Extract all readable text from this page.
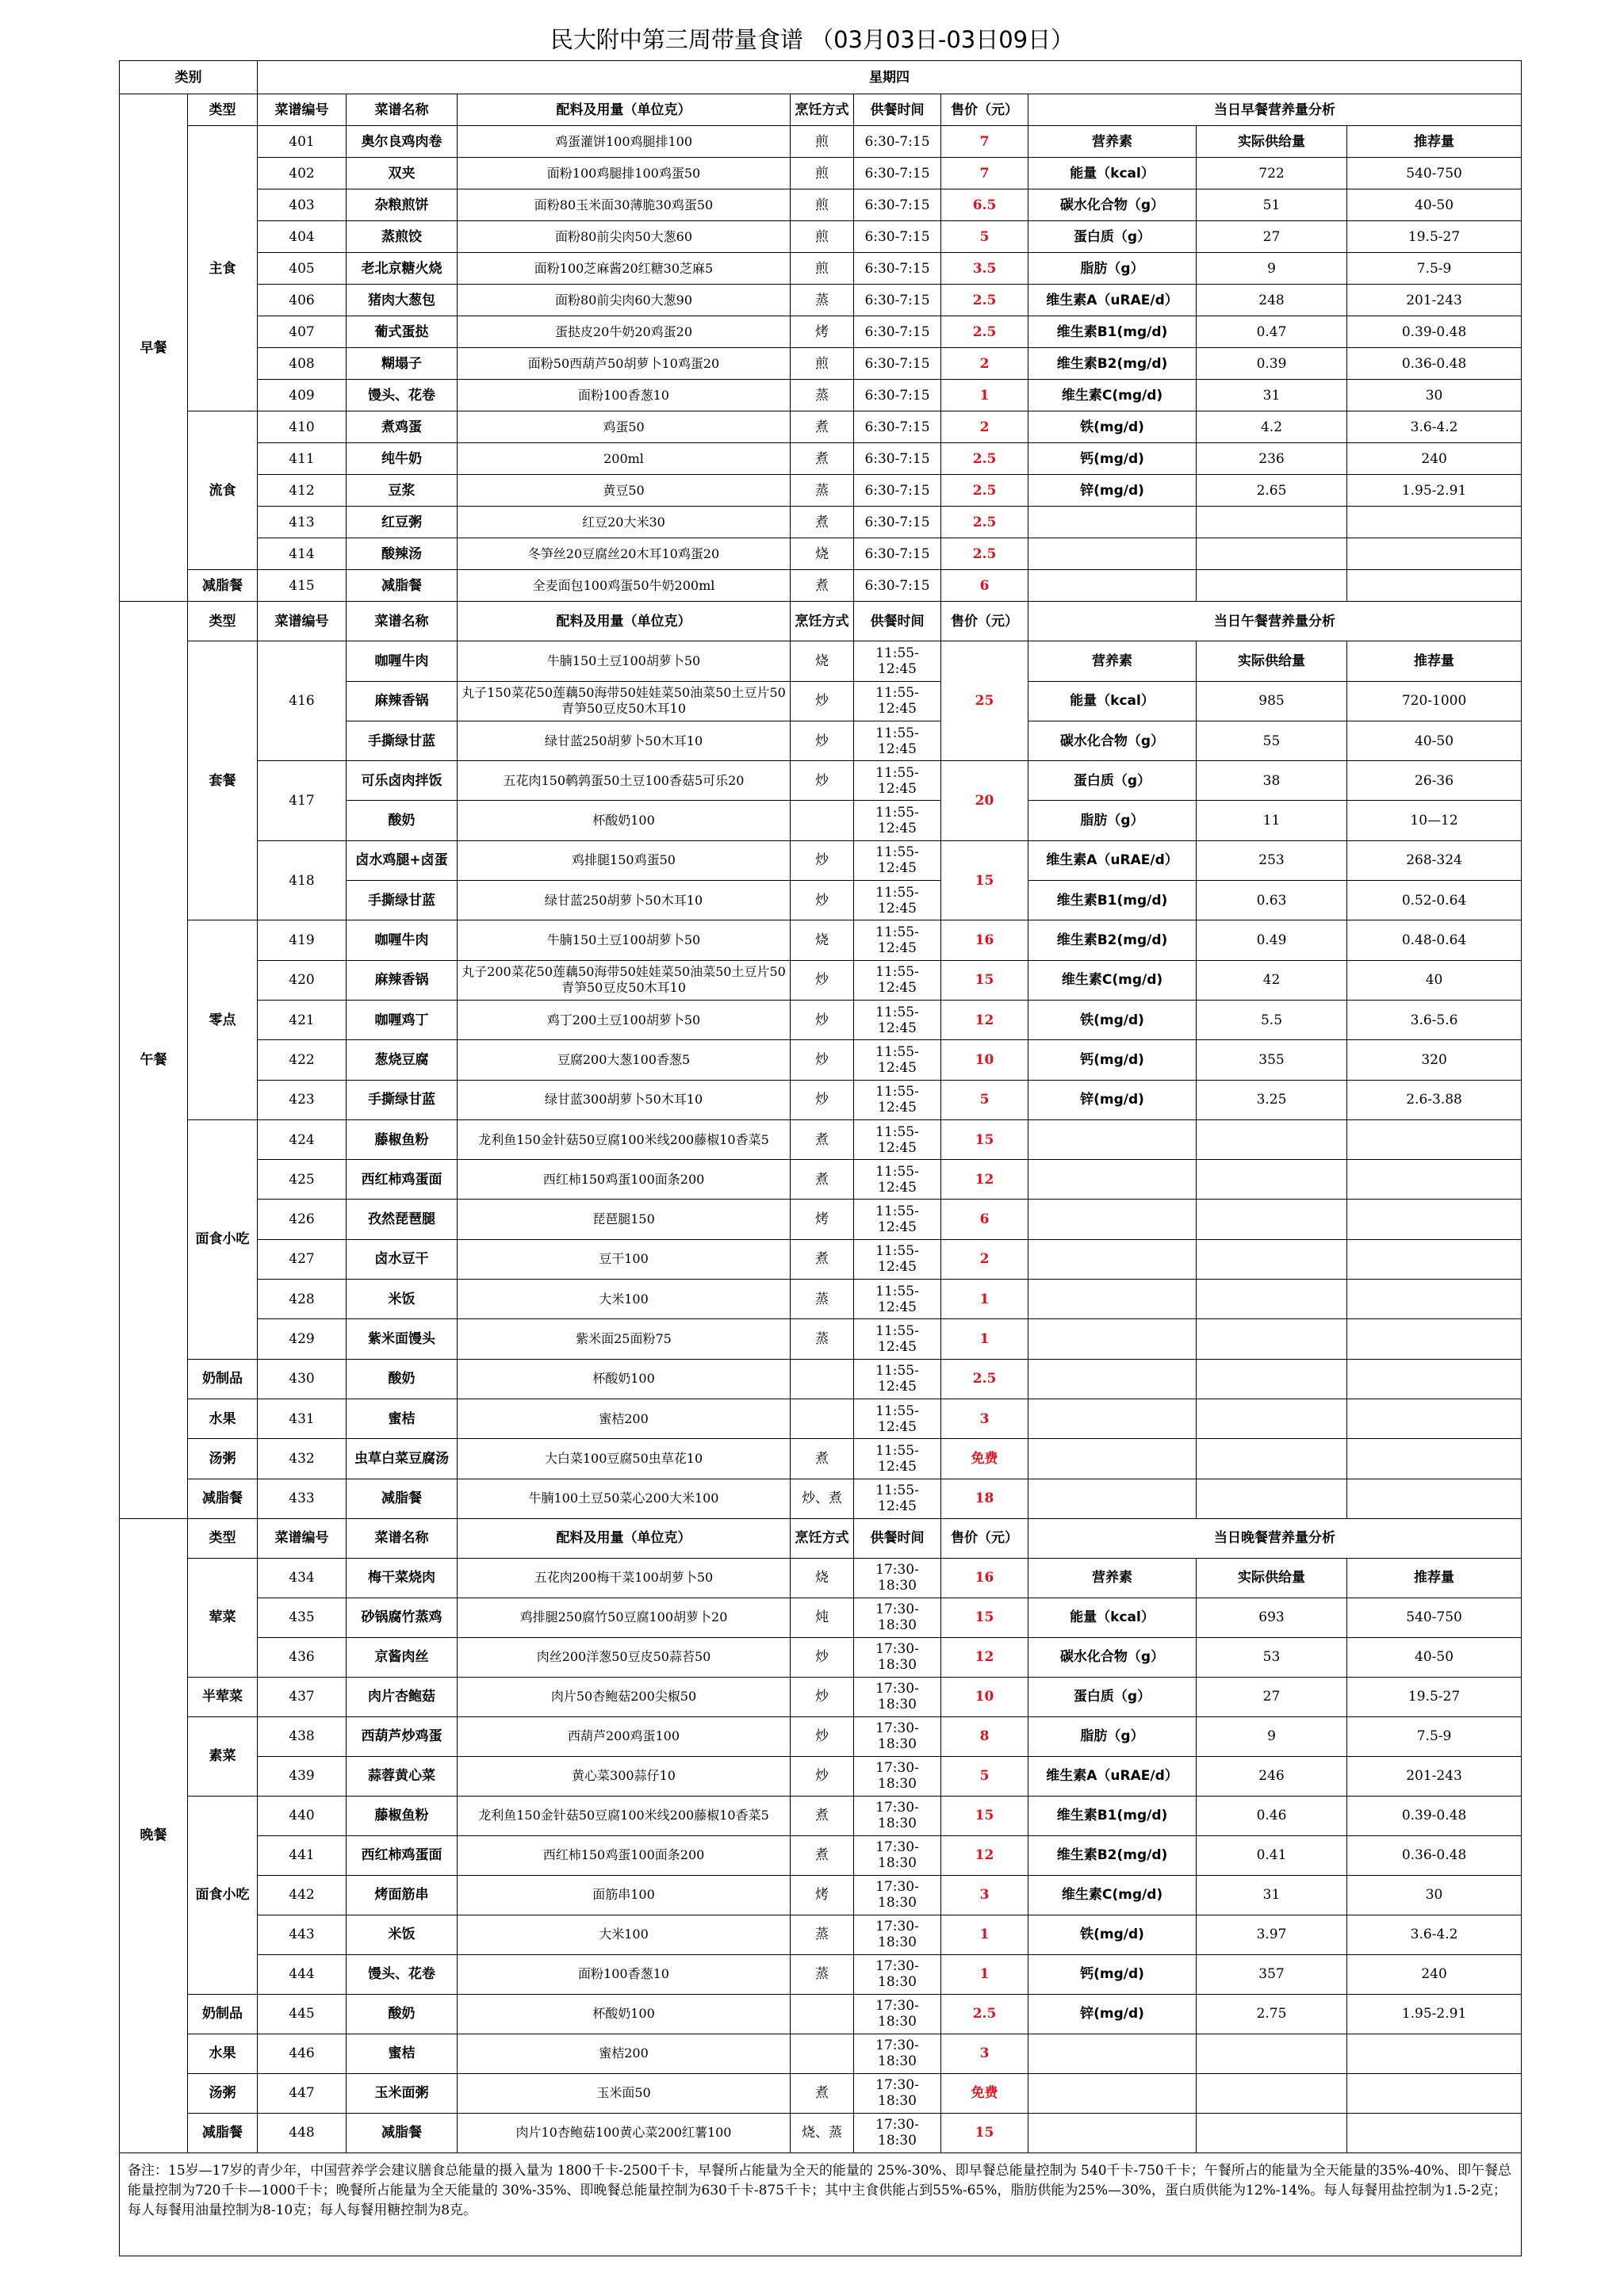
民大附中第三周带量食谱 （03月03日-03日09日）
类别		星期四								
早餐	类型	菜谱编号	菜谱名称	配料及用量（单位克）	烹饪方式	供餐时间	售价（元）	当日早餐营养量分析		
	主食	401	奥尔良鸡肉卷	鸡蛋灌饼100鸡腿排100	煎	6:30-7:15	7	营养素	实际供给量	推荐量
		402	双夹	面粉100鸡腿排100鸡蛋50	煎	6:30-7:15	7	能量（kcal）	722	540-750
		403	杂粮煎饼	面粉80玉米面30薄脆30鸡蛋50	煎	6:30-7:15	6.5	碳水化合物（g）	51	40-50
		404	蒸煎饺	面粉80前尖肉50大葱60	煎	6:30-7:15	5	蛋白质（g）	27	19.5-27
		405	老北京糖火烧	面粉100芝麻酱20红糖30芝麻5	煎	6:30-7:15	3.5	脂肪（g）	9	7.5-9
		406	猪肉大葱包	面粉80前尖肉60大葱90	蒸	6:30-7:15	2.5	维生素A（uRAE/d）	248	201-243
		407	葡式蛋挞	蛋挞皮20牛奶20鸡蛋20	烤	6:30-7:15	2.5	维生素B1(mg/d)	0.47	0.39-0.48
		408	糊塌子	面粉50西葫芦50胡萝卜10鸡蛋20	煎	6:30-7:15	2	维生素B2(mg/d)	0.39	0.36-0.48
		409	馒头、花卷	面粉100香葱10	蒸	6:30-7:15	1	维生素C(mg/d)	31	30
	流食	410	煮鸡蛋	鸡蛋50	煮	6:30-7:15	2	铁(mg/d)	4.2	3.6-4.2
		411	纯牛奶	200ml	煮	6:30-7:15	2.5	钙(mg/d)	236	240
		412	豆浆	黄豆50	蒸	6:30-7:15	2.5	锌(mg/d)	2.65	1.95-2.91
		413	红豆粥	红豆20大米30	煮	6:30-7:15	2.5			
		414	酸辣汤	冬笋丝20豆腐丝20木耳10鸡蛋20	烧	6:30-7:15	2.5			
	减脂餐	415	减脂餐	全麦面包100鸡蛋50牛奶200ml	煮	6:30-7:15	6			
午餐	类型	菜谱编号	菜谱名称	配料及用量（单位克）	烹饪方式	供餐时间	售价（元）	当日午餐营养量分析		
	套餐	416	咖喱牛肉	牛腩150土豆100胡萝卜50	烧	11:55-12:45	25	营养素	实际供给量	推荐量
			麻辣香锅	丸子150菜花50莲藕50海带50娃娃菜50油菜50土豆片50青笋50豆皮50木耳10	炒	11:55-12:45		能量（kcal）	985	720-1000
			手撕绿甘蓝	绿甘蓝250胡萝卜50木耳10	炒	11:55-12:45		碳水化合物（g）	55	40-50
		417	可乐卤肉拌饭	五花肉150鹌鹑蛋50土豆100香菇5可乐20	炒	11:55-12:45	20	蛋白质（g）	38	26-36
			酸奶	杯酸奶100		11:55-12:45		脂肪（g）	11	10—12
		418	卤水鸡腿+卤蛋	鸡排腿150鸡蛋50	炒	11:55-12:45	15	维生素A（uRAE/d）	253	268-324
			手撕绿甘蓝	绿甘蓝250胡萝卜50木耳10	炒	11:55-12:45		维生素B1(mg/d)	0.63	0.52-0.64
	零点	419	咖喱牛肉	牛腩150土豆100胡萝卜50	烧	11:55-12:45	16	维生素B2(mg/d)	0.49	0.48-0.64
		420	麻辣香锅	丸子200菜花50莲藕50海带50娃娃菜50油菜50土豆片50青笋50豆皮50木耳10	炒	11:55-12:45	15	维生素C(mg/d)	42	40
		421	咖喱鸡丁	鸡丁200土豆100胡萝卜50	炒	11:55-12:45	12	铁(mg/d)	5.5	3.6-5.6
		422	葱烧豆腐	豆腐200大葱100香葱5	炒	11:55-12:45	10	钙(mg/d)	355	320
		423	手撕绿甘蓝	绿甘蓝300胡萝卜50木耳10	炒	11:55-12:45	5	锌(mg/d)	3.25	2.6-3.88
	面食小吃	424	藤椒鱼粉	龙利鱼150金针菇50豆腐100米线200藤椒10香菜5	煮	11:55-12:45	15			
		425	西红柿鸡蛋面	西红柿150鸡蛋100面条200	煮	11:55-12:45	12			
		426	孜然琵琶腿	琵琶腿150	烤	11:55-12:45	6			
		427	卤水豆干	豆干100	煮	11:55-12:45	2			
		428	米饭	大米100	蒸	11:55-12:45	1			
		429	紫米面馒头	紫米面25面粉75	蒸	11:55-12:45	1			
	奶制品	430	酸奶	杯酸奶100		11:55-12:45	2.5			
	水果	431	蜜桔	蜜桔200		11:55-12:45	3			
	汤粥	432	虫草白菜豆腐汤	大白菜100豆腐50虫草花10	煮	11:55-12:45	免费			
	减脂餐	433	减脂餐	牛腩100土豆50菜心200大米100	炒、煮	11:55-12:45	18			
晚餐	类型	菜谱编号	菜谱名称	配料及用量（单位克）	烹饪方式	供餐时间	售价（元）	当日晚餐营养量分析		
	荤菜	434	梅干菜烧肉	五花肉200梅干菜100胡萝卜50	烧	17:30-18:30	16	营养素	实际供给量	推荐量
		435	砂锅腐竹蒸鸡	鸡排腿250腐竹50豆腐100胡萝卜20	炖	17:30-18:30	15	能量（kcal）	693	540-750
		436	京酱肉丝	肉丝200洋葱50豆皮50蒜苔50	炒	17:30-18:30	12	碳水化合物（g）	53	40-50
	半荤菜	437	肉片杏鲍菇	肉片50杏鲍菇200尖椒50	炒	17:30-18:30	10	蛋白质（g）	27	19.5-27
	素菜	438	西葫芦炒鸡蛋	西葫芦200鸡蛋100	炒	17:30-18:30	8	脂肪（g）	9	7.5-9
		439	蒜蓉黄心菜	黄心菜300蒜仔10	炒	17:30-18:30	5	维生素A（uRAE/d）	246	201-243
	面食小吃	440	藤椒鱼粉	龙利鱼150金针菇50豆腐100米线200藤椒10香菜5	煮	17:30-18:30	15	维生素B1(mg/d)	0.46	0.39-0.48
		441	西红柿鸡蛋面	西红柿150鸡蛋100面条200	煮	17:30-18:30	12	维生素B2(mg/d)	0.41	0.36-0.48
		442	烤面筋串	面筋串100	烤	17:30-18:30	3	维生素C(mg/d)	31	30
		443	米饭	大米100	蒸	17:30-18:30	1	铁(mg/d)	3.97	3.6-4.2
		444	馒头、花卷	面粉100香葱10	蒸	17:30-18:30	1	钙(mg/d)	357	240
	奶制品	445	酸奶	杯酸奶100		17:30-18:30	2.5	锌(mg/d)	2.75	1.95-2.91
	水果	446	蜜桔	蜜桔200		17:30-18:30	3			
	汤粥	447	玉米面粥	玉米面50	煮	17:30-18:30	免费			
	减脂餐	448	减脂餐	肉片10杏鲍菇100黄心菜200红薯100	烧、蒸	17:30-18:30	15			
备注：15岁—17岁的青少年，中国营养学会建议膳食总能量的摄入量为 1800千卡-2500千卡，早餐所占能量为全天的能量的 25%-30%、即早餐总能量控制为 540千卡-750千卡；午餐所占的能量为全天能量的35%-40%、即午餐总能量控制为720千卡—1000千卡；晚餐所占能量为全天能量的 30%-35%、即晚餐总能量控制为630千卡-875千卡；其中主食供能占到55%-65%，脂肪供能为25%—30%，蛋白质供能为12%-14%。每人每餐用盐控制为1.5-2克；每人每餐用油量控制为8-10克；每人每餐用糖控制为8克。										
